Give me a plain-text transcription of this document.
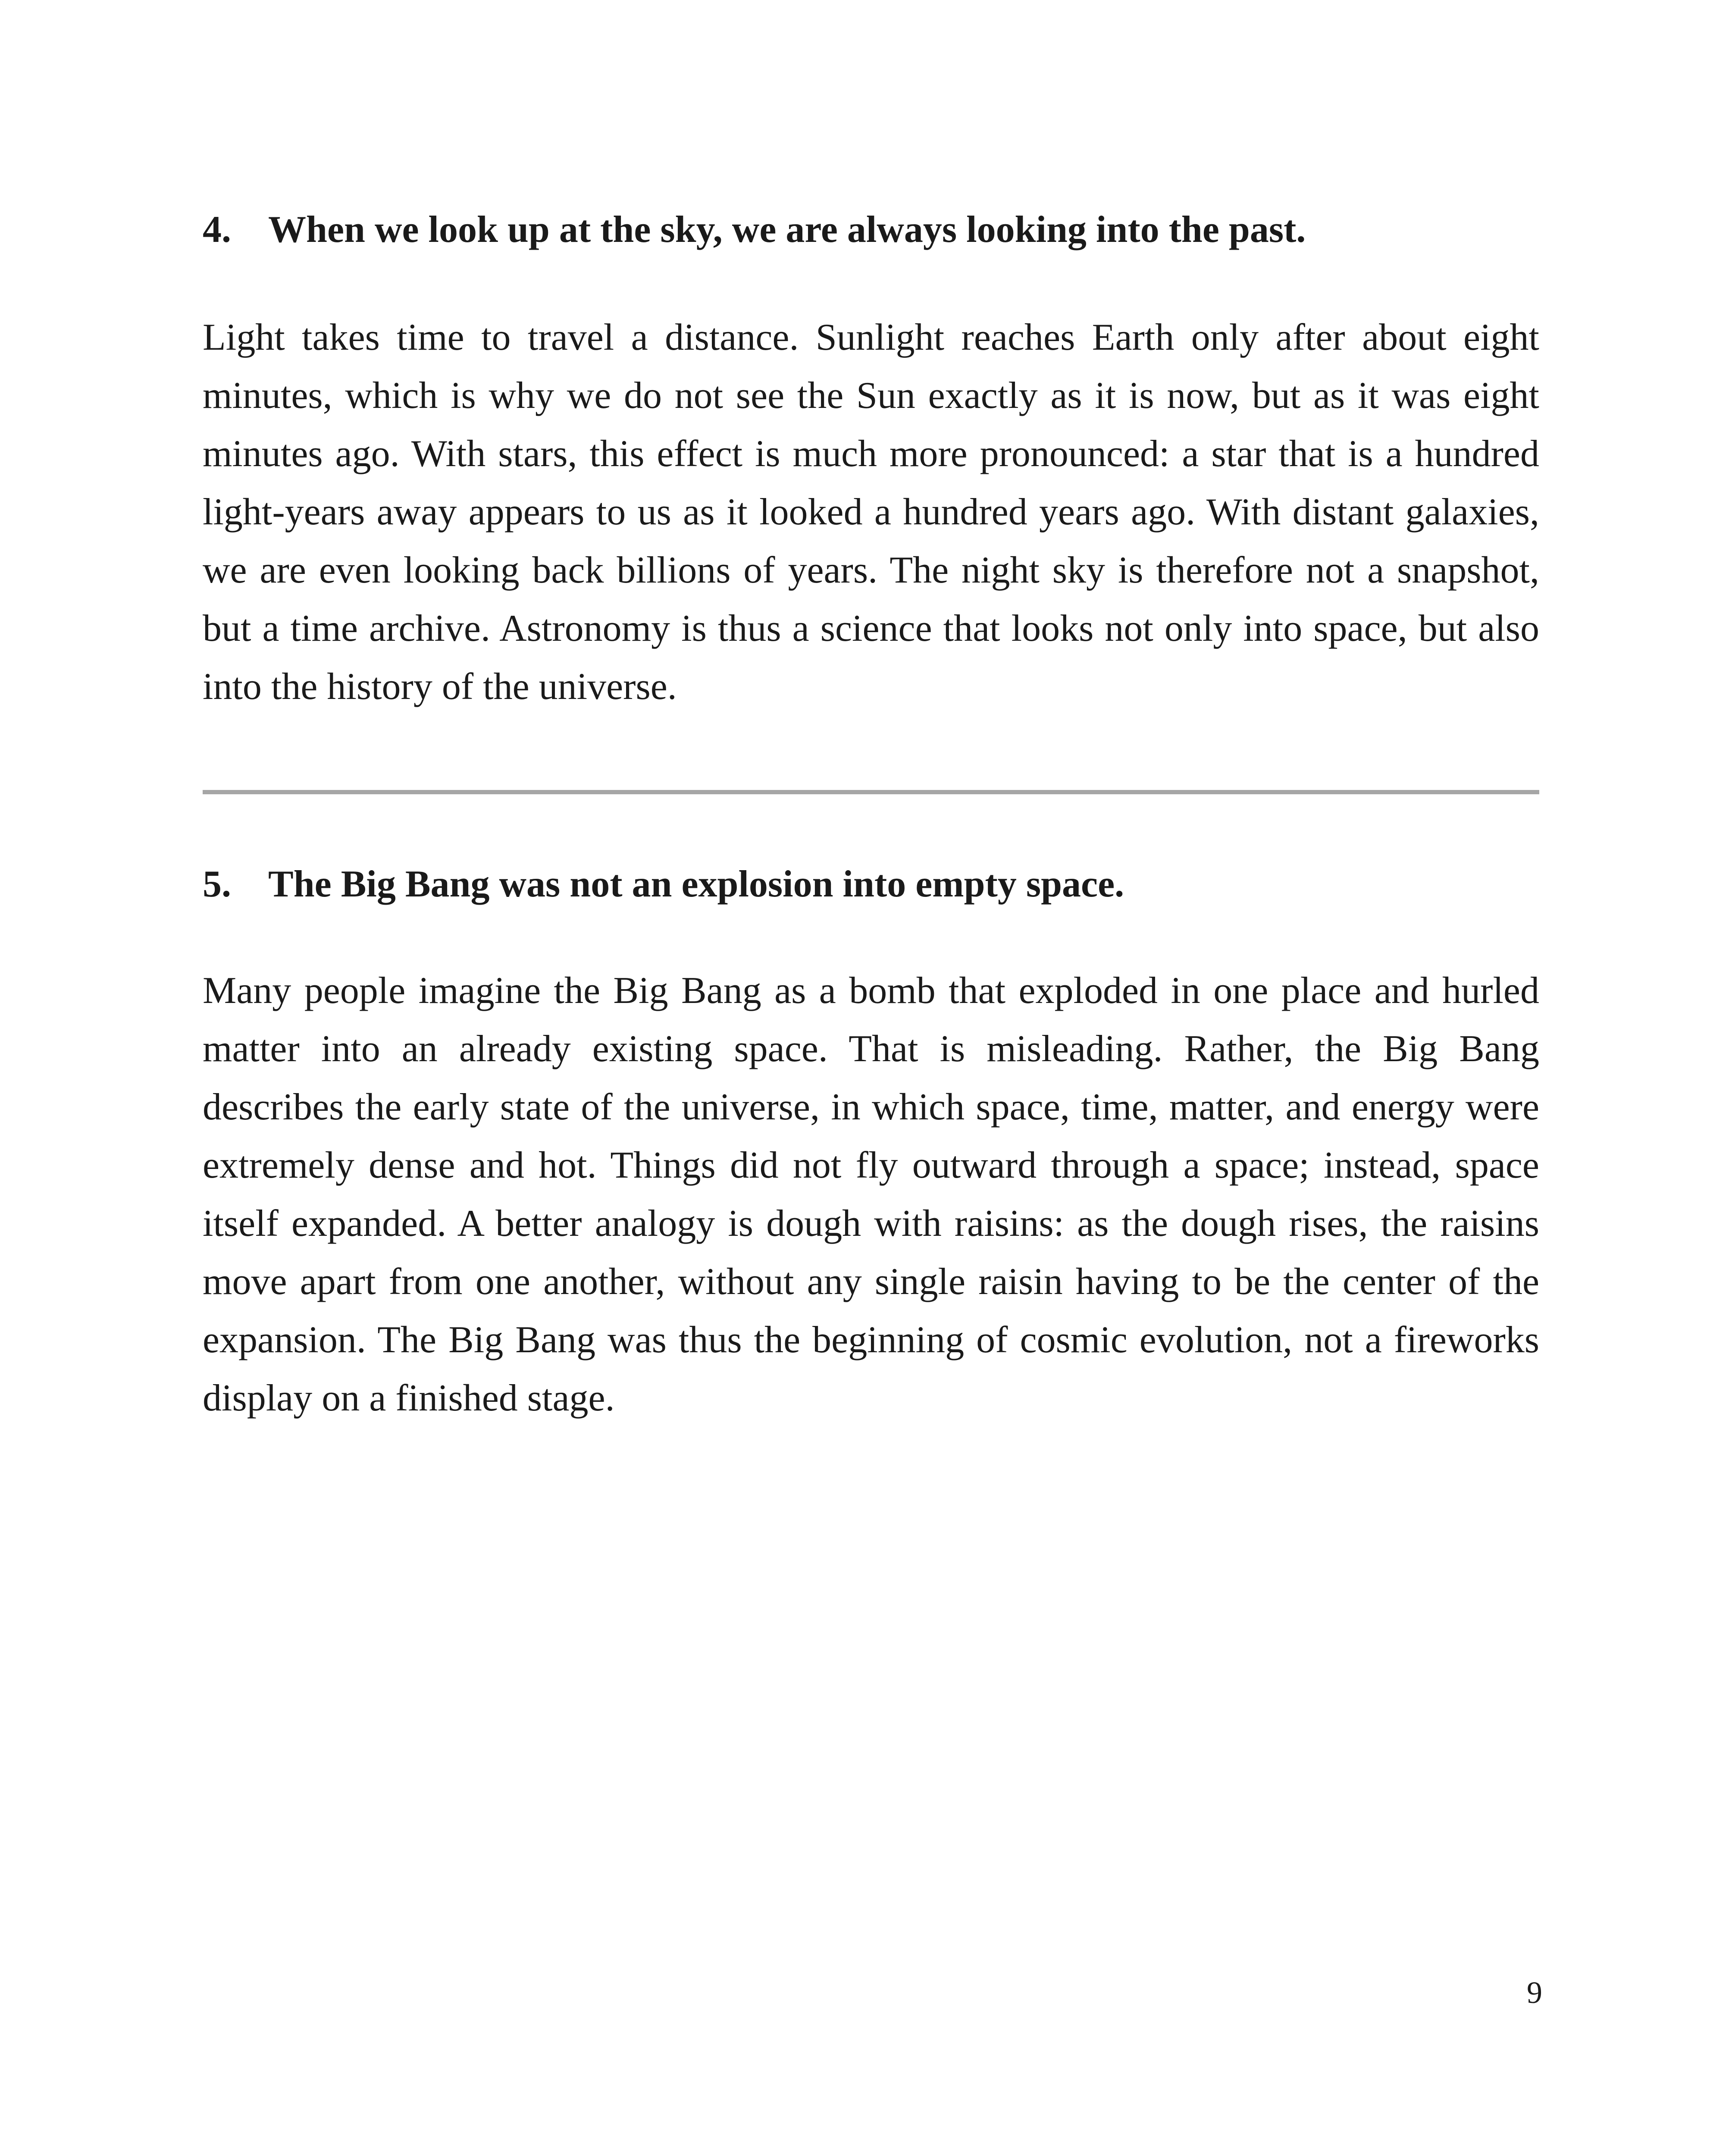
4. When we look up at the sky, we are always looking into the past.

Light takes time to travel a distance. Sunlight reaches Earth only after about eight minutes, which is why we do not see the Sun exactly as it is now, but as it was eight minutes ago. With stars, this effect is much more pronounced: a star that is a hundred light-years away appears to us as it looked a hundred years ago. With distant galaxies, we are even looking back billions of years. The night sky is therefore not a snapshot, but a time archive. Astronomy is thus a science that looks not only into space, but also into the history of the universe.

5. The Big Bang was not an explosion into empty space.

Many people imagine the Big Bang as a bomb that exploded in one place and hurled matter into an already existing space. That is misleading. Rather, the Big Bang describes the early state of the universe, in which space, time, matter, and energy were extremely dense and hot. Things did not fly outward through a space; instead, space itself expanded. A better analogy is dough with raisins: as the dough rises, the raisins move apart from one another, without any single raisin having to be the center of the expansion. The Big Bang was thus the beginning of cosmic evolution, not a fireworks display on a finished stage.

9
